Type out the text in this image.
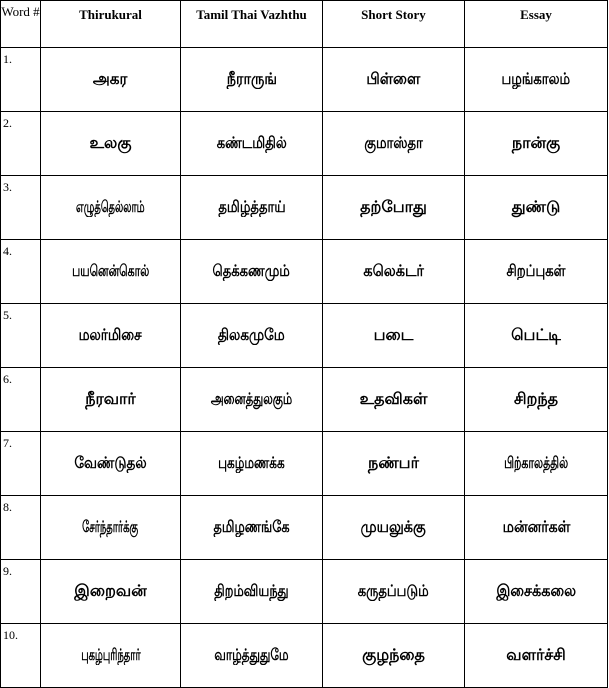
Word #	Thirukural	Tamil Thai Vazhthu	Short Story	Essay
1.	அகர	நீராருங்	பிள்ளை	பழங்காலம்
2.	உலகு	கண்டமிதில்	குமாஸ்தா	நான்கு
3.	எழுத்தெல்லாம்	தமிழ்த்தாய்	தற்போது	துண்டு
4.	பயனென்கொல்	தெக்கணமும்	கலெக்டர்	சிறப்புகள்
5.	மலர்மிசை	திலகமுமே	படை	பெட்டி
6.	நீரவார்	அனைத்துலகும்	உதவிகள்	சிறந்த
7.	வேண்டுதல்	புகழ்மணக்க	நண்பர்	பிற்காலத்தில்
8.	சேர்ந்தார்க்கு	தமிழணங்கே	முயலுக்கு	மன்னர்கள்
9.	இறைவன்	திறம்வியந்து	கருதப்படும்	இசைக்கலை
10.	புகழ்புரிந்தார்	வாழ்த்துதுமே	குழந்தை	வளர்ச்சி
